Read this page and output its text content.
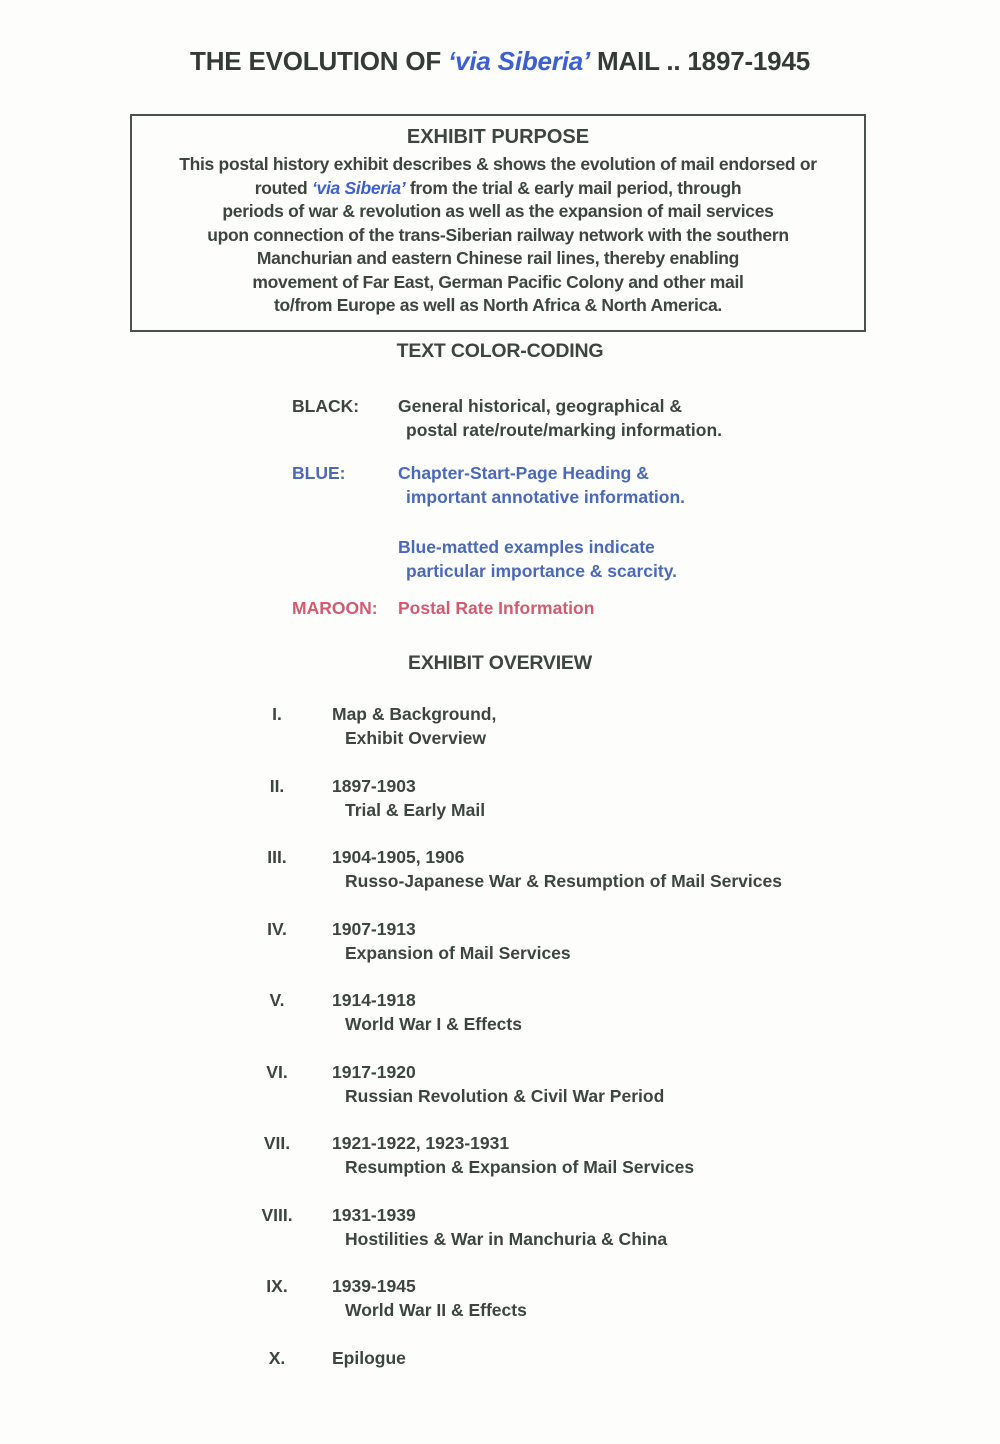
THE EVOLUTION OF ‘via Siberia’ MAIL .. 1897-1945
EXHIBIT PURPOSE
This postal history exhibit describes & shows the evolution of mail endorsed or
routed ‘via Siberia’ from the trial & early mail period, through
periods of war & revolution as well as the expansion of mail services
upon connection of the trans-Siberian railway network with the southern
Manchurian and eastern Chinese rail lines, thereby enabling
movement of Far East, German Pacific Colony and other mail
to/from Europe as well as North Africa & North America.
TEXT COLOR-CODING
BLACK: General historical, geographical &
postal rate/route/marking information.
BLUE:	Chapter-Start-Page Heading &
important annotative information.
Blue-matted examples indicate
particular importance & scarcity.
MAROON: Postal Rate Information
EXHIBIT OVERVIEW
I.	Map & Background,
Exhibit Overview
II.	1897-1903
Trial & Early Mail
III.	1904-1905, 1906
Russo-Japanese War & Resumption of Mail Services
IV.	1907-1913
Expansion of Mail Services
V.	1914-1918
World War I & Effects
VI.	1917-1920
Russian Revolution & Civil War Period
VII.	1921-1922, 1923-1931
Resumption & Expansion of Mail Services
VIII.	1931-1939
Hostilities & War in Manchuria & China
IX.	1939-1945
World War II & Effects
X.	Epilogue
